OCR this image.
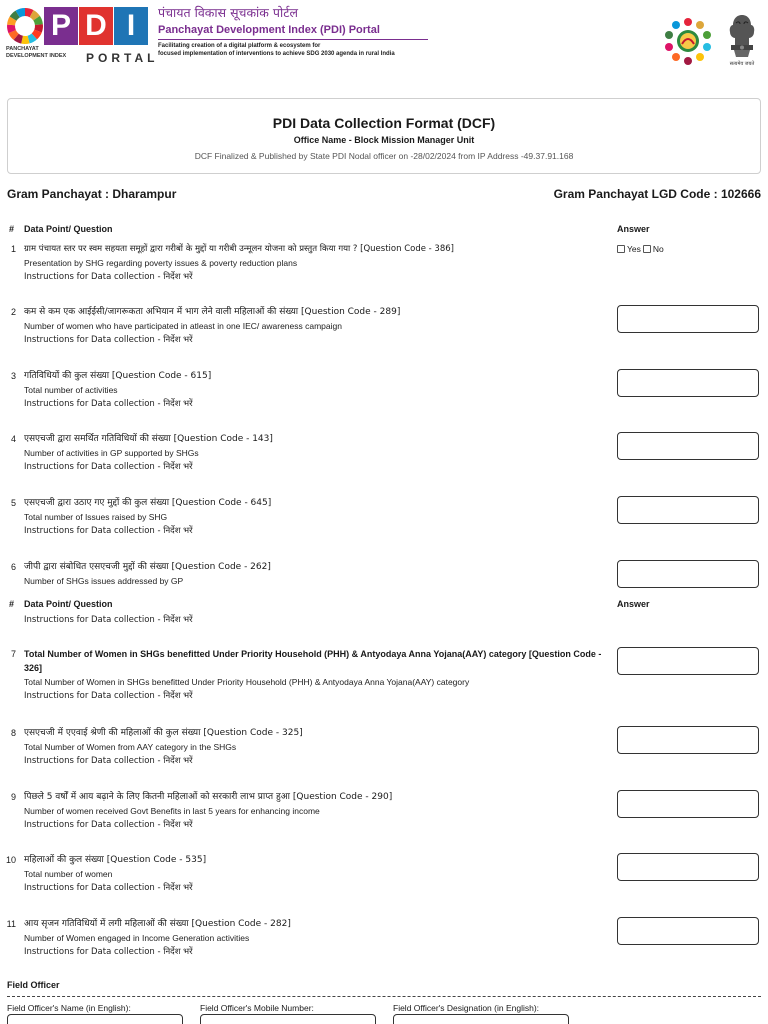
P D I
PANCHAYAT
DEVELOPMENT INDEX	PORTAL
पंचायत विकास सूचकांक पोर्टल
Panchayat Development Index (PDI) Portal
Facilitating creation of a digital platform & ecosystem for
focused implementation of interventions to achieve SDG 2030 agenda in rural India
सत्यमेव जयते
PDI Data Collection Format (DCF)
Office Name - Block Mission Manager Unit
DCF Finalized & Published by State PDI Nodal officer on -28/02/2024 from IP Address -49.37.91.168
Gram Panchayat : Dharampur	Gram Panchayat LGD Code : 102666
# Data Point/ Question	Answer
1 ग्राम पंचायत स्तर पर स्वम सहयता समूहों द्वारा गरीबों के मुद्दों या गरीबी उन्मूलन योजना को प्रस्तुत किया गया ? [Question Code - 386]
Presentation by SHG regarding poverty issues & poverty reduction plans
Instructions for Data collection - निर्देश भरें
Yes No
2 कम से कम एक आईईसी/जागरूकता अभियान में भाग लेने वाली महिलाओं की संख्या [Question Code - 289]
Number of women who have participated in atleast in one IEC/ awareness campaign
Instructions for Data collection - निर्देश भरें
3 गतिविधियों की कुल संख्या [Question Code - 615]
Total number of activities
Instructions for Data collection - निर्देश भरें
4 एसएचजी द्वारा समर्थित गतिविधियों की संख्या [Question Code - 143]
Number of activities in GP supported by SHGs
Instructions for Data collection - निर्देश भरें
5 एसएचजी द्वारा उठाए गए मुद्दों की कुल संख्या [Question Code - 645]
Total number of Issues raised by SHG
Instructions for Data collection - निर्देश भरें
6 जीपी द्वारा संबोधित एसएचजी मुद्दों की संख्या [Question Code - 262]
Number of SHGs issues addressed by GP
# Data Point/ Question	Answer
Instructions for Data collection - निर्देश भरें
7 Total Number of Women in SHGs benefitted Under Priority Household (PHH) & Antyodaya Anna Yojana(AAY) category [Question Code - 326]
Total Number of Women in SHGs benefitted Under Priority Household (PHH) & Antyodaya Anna Yojana(AAY) category
Instructions for Data collection - निर्देश भरें
8 एसएचजी में एएवाई श्रेणी की महिलाओं की कुल संख्या [Question Code - 325]
Total Number of Women from AAY category in the SHGs
Instructions for Data collection - निर्देश भरें
9 पिछले 5 वर्षों में आय बढ़ाने के लिए कितनी महिलाओं को सरकारी लाभ प्राप्त हुआ [Question Code - 290]
Number of women received Govt Benefits in last 5 years for enhancing income
Instructions for Data collection - निर्देश भरें
10 महिलाओं की कुल संख्या [Question Code - 535]
Total number of women
Instructions for Data collection - निर्देश भरें
11 आय सृजन गतिविधियों में लगी महिलाओं की संख्या [Question Code - 282]
Number of Women engaged in Income Generation activities
Instructions for Data collection - निर्देश भरें
Field Officer
Field Officer's Name (in English):	Field Officer's Mobile Number:	Field Officer's Designation (in English):
